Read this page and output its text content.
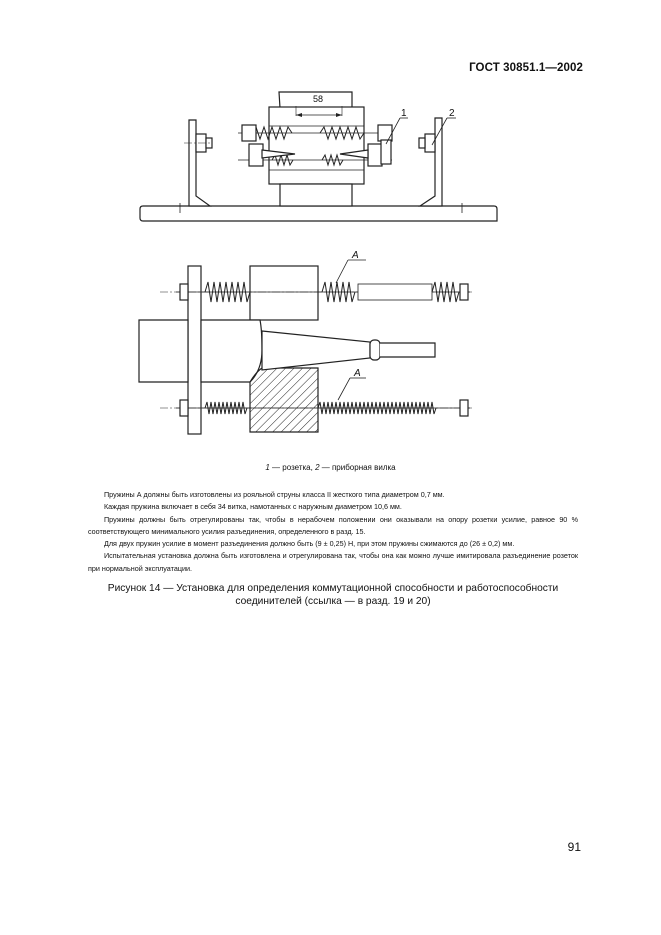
ГОСТ 30851.1—2002
58
1	2
A
A
1 — розетка, 2 — приборная вилка

Пружины А должны быть изготовлены из рояльной струны класса II жесткого типа диаметром 0,7 мм.

Каждая пружина включает в себя 34 витка, намотанных с наружным диаметром 10,6 мм.

Пружины должны быть отрегулированы так, чтобы в нерабочем положении они оказывали на опору розетки усилие, равное 90 % соответствующего минимального усилия разъединения, определенного в разд. 15.

Для двух пружин усилие в момент разъединения должно быть (9 ± 0,25) Н, при этом пружины сжимаются до (26 ± 0,2) мм.

Испытательная установка должна быть изготовлена и отрегулирована так, чтобы она как можно лучше имитировала разъединение розеток при нормальной эксплуатации.

Рисунок 14 — Установка для определения коммутационной способности и работоспособности
соединителей (ссылка — в разд. 19 и 20)
91
